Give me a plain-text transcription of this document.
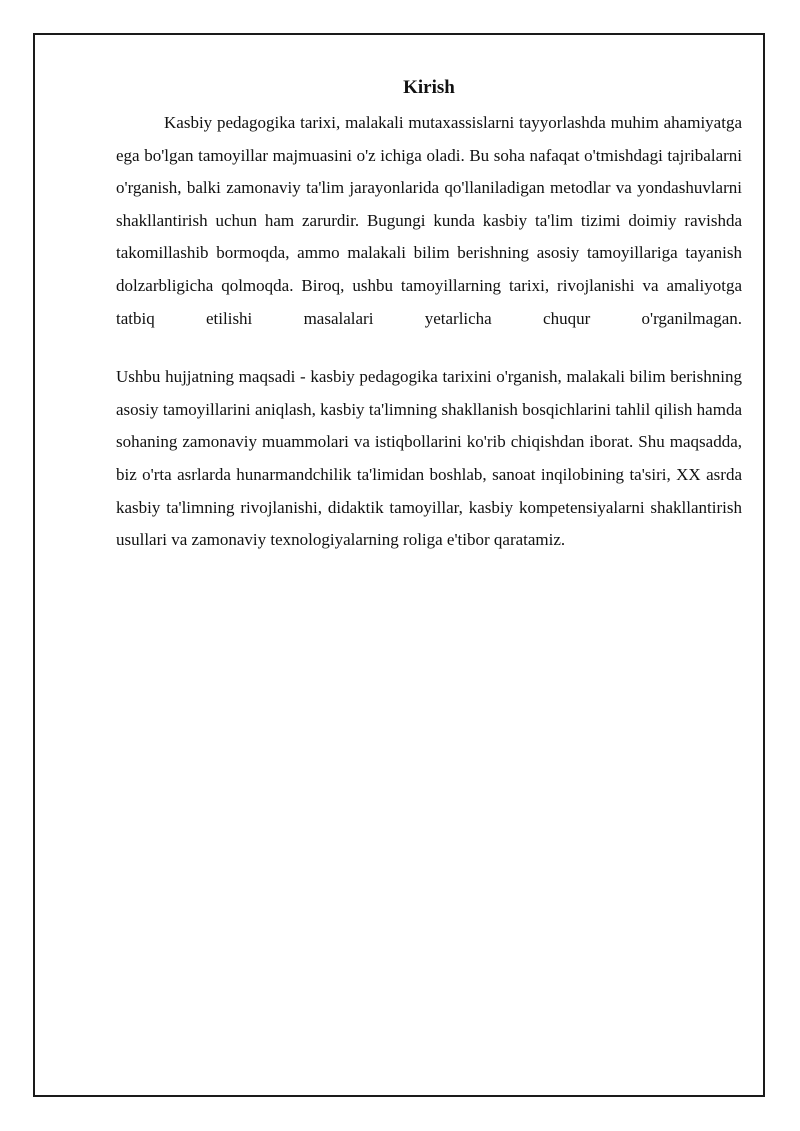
Kirish

Kasbiy pedagogika tarixi, malakali mutaxassislarni tayyorlashda muhim ahamiyatga ega bo'lgan tamoyillar majmuasini o'z ichiga oladi. Bu soha nafaqat o'tmishdagi tajribalarni o'rganish, balki zamonaviy ta'lim jarayonlarida qo'llaniladigan metodlar va yondashuvlarni shakllantirish uchun ham zarurdir. Bugungi kunda kasbiy ta'lim tizimi doimiy ravishda takomillashib bormoqda, ammo malakali bilim berishning asosiy tamoyillariga tayanish dolzarbligicha qolmoqda. Biroq, ushbu tamoyillarning tarixi, rivojlanishi va amaliyotga tatbiq etilishi masalalari yetarlicha chuqur o'rganilmagan.

Ushbu hujjatning maqsadi - kasbiy pedagogika tarixini o'rganish, malakali bilim berishning asosiy tamoyillarini aniqlash, kasbiy ta'limning shakllanish bosqichlarini tahlil qilish hamda sohaning zamonaviy muammolari va istiqbollarini ko'rib chiqishdan iborat. Shu maqsadda, biz o'rta asrlarda hunarmandchilik ta'limidan boshlab, sanoat inqilobining ta'siri, XX asrda kasbiy ta'limning rivojlanishi, didaktik tamoyillar, kasbiy kompetensiyalarni shakllantirish usullari va zamonaviy texnologiyalarning roliga e'tibor qaratamiz.
